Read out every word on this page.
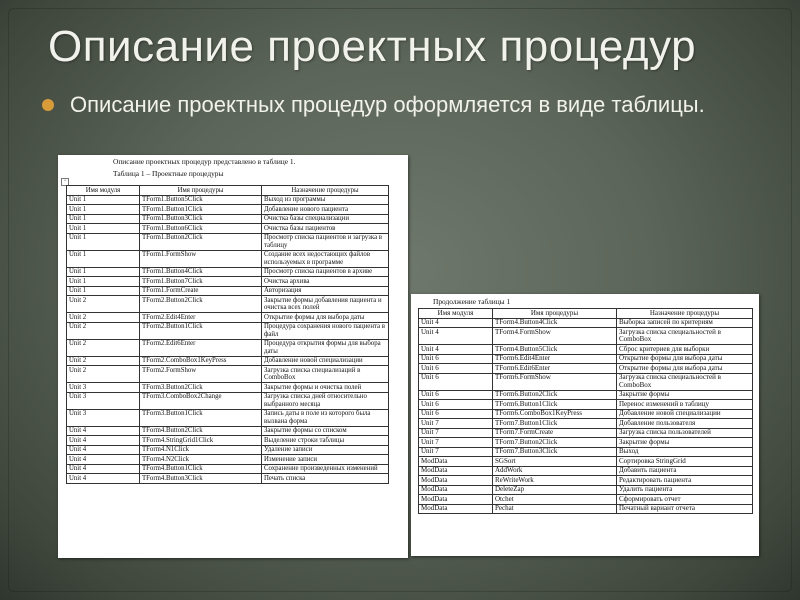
Описание проектных процедур
Описание проектных процедур оформляется в виде таблицы.
Описание проектных процедур представлено в таблице 1.
Таблица 1 – Проектные процедуры
+
Имя модуля	Имя процедуры	Назначение процедуры
Unit 1	TForm1.Button5Click	Выход из программы
Unit 1	TForm1.Button1Click	Добавление нового пациента
Unit 1	TForm1.Button3Click	Очистка базы специализации
Unit 1	TForm1.Button6Click	Очистка базы пациентов
Unit 1	TForm1.Button2Click	Просмотр списка пациентов и загрузка в таблицу
Unit 1	TForm1.FormShow	Создание всех недостающих файлов используемых в программе
Unit 1	TForm1.Button4Click	Просмотр списка пациентов в архиве
Unit 1	TForm1.Button7Click	Очистка архива
Unit 1	TForm1.FormCreate	Авторизация
Unit 2	TForm2.Button2Click	Закрытие формы добавления пациента и очистка всех полей
Unit 2	TForm2.Edit4Enter	Открытие формы для выбора даты
Unit 2	TForm2.Button1Click	Процедура сохранения нового пациента в файл
Unit 2	TForm2.Edit6Enter	Процедура открытия формы для выбора даты
Unit 2	TForm2.ComboBox1KeyPress	Добавление новой специализации
Unit 2	TForm2.FormShow	Загрузка списка специализаций в ComboBox
Unit 3	TForm3.Button2Click	Закрытие формы и очистка полей
Unit 3	TForm3.ComboBox2Change	Загрузка списка дней относительно выбранного месяца
Unit 3	TForm3.Button1Click	Запись даты в поле из которого была вызвана форма
Unit 4	TForm4.Button2Click	Закрытие формы со списком
Unit 4	TForm4.StringGrid1Click	Выделение строки таблицы
Unit 4	TForm4.N1Click	Удаление записи
Unit 4	TForm4.N2Click	Изменение записи
Unit 4	TForm4.Button1Click	Сохранение произведенных изменений
Unit 4	TForm4.Button3Click	Печать списка
Продолжение таблицы 1
Имя модуля	Имя процедуры	Назначение процедуры
Unit 4	TForm4.Button4Click	Выборка записей по критериям
Unit 4	TForm4.FormShow	Загрузка списка специальностей в ComboBox
Unit 4	TForm4.Button5Click	Сброс критериев для выборки
Unit 6	TForm6.Edit4Enter	Открытие формы для выбора даты
Unit 6	TForm6.Edit6Enter	Открытие формы для выбора даты
Unit 6	TForm6.FormShow	Загрузка списка специальностей в ComboBox
Unit 6	TForm6.Button2Click	Закрытие формы
Unit 6	TForm6.Button1Click	Перенос изменений в таблицу
Unit 6	TForm6.ComboBox1KeyPress	Добавление новой специализации
Unit 7	TForm7.Button1Click	Добавление пользователя
Unit 7	TForm7.FormCreate	Загрузка списка пользователей
Unit 7	TForm7.Button2Click	Закрытие формы
Unit 7	TForm7.Button3Click	Выход
ModData	SGSort	Сортировка StringGrid
ModData	AddWork	Добавить пациента
ModData	ReWriteWork	Редактировать пациента
ModData	DeleteZap	Удалить пациента
ModData	Otchet	Сформировать отчет
ModData	Pechat	Печатный вариант отчета
